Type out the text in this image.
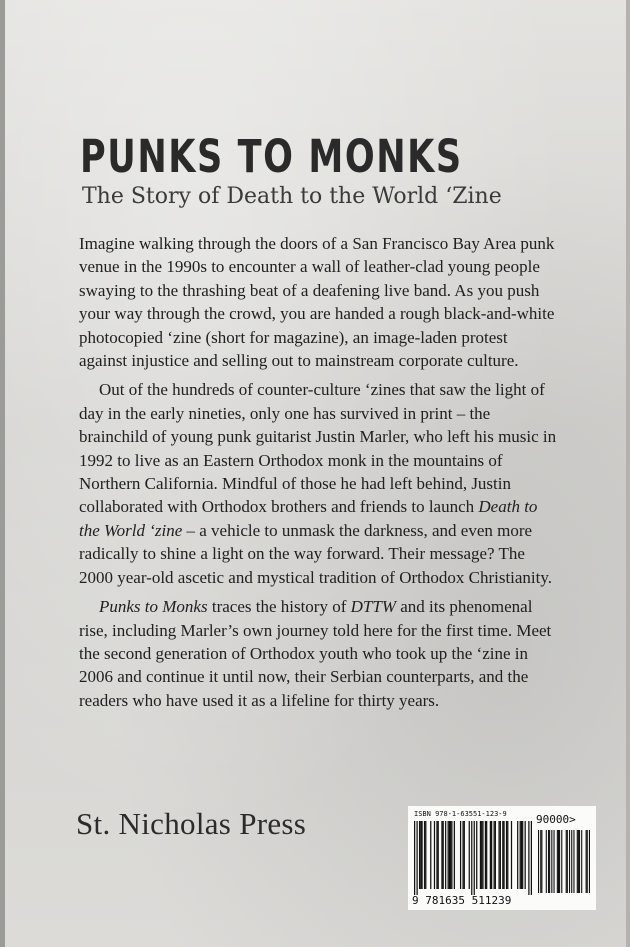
PUNKS TO MONKS
The Story of Death to the World ‘Zine

Imagine walking through the doors of a San Francisco Bay Area punk venue in the 1990s to encounter a wall of leather-clad young people swaying to the thrashing beat of a deafening live band. As you push your way through the crowd, you are handed a rough black-and-white photocopied ‘zine (short for magazine), an image-laden protest against injustice and selling out to mainstream corporate culture.

Out of the hundreds of counter-culture ‘zines that saw the light of day in the early nineties, only one has survived in print – the brainchild of young punk guitarist Justin Marler, who left his music in 1992 to live as an Eastern Orthodox monk in the mountains of Northern California. Mindful of those he had left behind, Justin collaborated with Orthodox brothers and friends to launch Death to the World ‘zine – a vehicle to unmask the darkness, and even more radically to shine a light on the way forward. Their message? The 2000 year-old ascetic and mystical tradition of Orthodox Christianity.

Punks to Monks traces the history of DTTW and its phenomenal rise, including Marler’s own journey told here for the first time. Meet the second generation of Orthodox youth who took up the ‘zine in 2006 and continue it until now, their Serbian counterparts, and the readers who have used it as a lifeline for thirty years.

St. Nicholas Press	ISBN 978-1-63551-123-9	90000>
9 781635 511239
